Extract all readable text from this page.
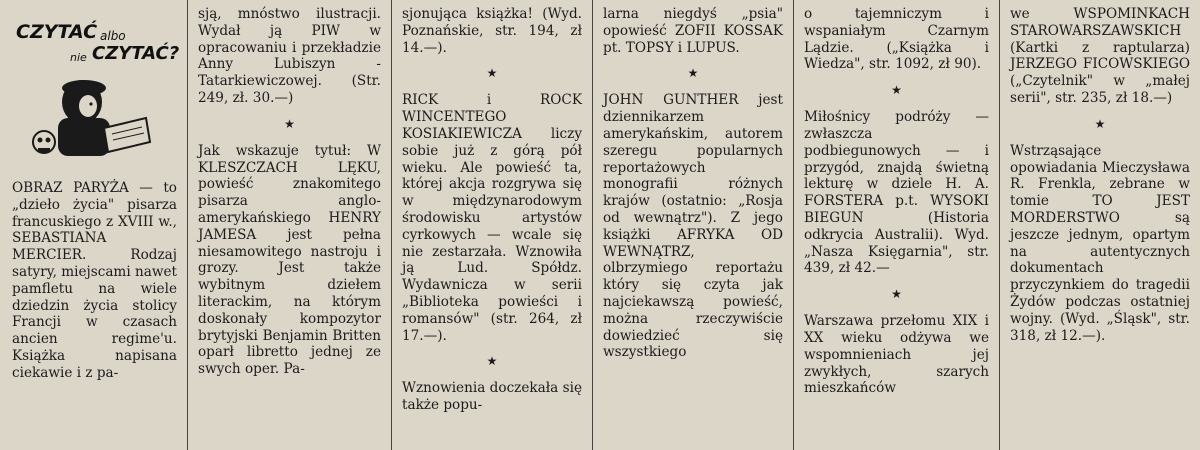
CZYTAĆ albo
nie CZYTAĆ?

OBRAZ PARYŻA — to „dzieło życia" pisarza francuskiego z XVIII w., SEBASTIANA MERCIER. Rodzaj satyry, miejscami nawet pamfletu na wiele dziedzin życia stolicy Francji w czasach ancien regime'u. Książka napisana ciekawie i z pa-

sją, mnóstwo ilustracji. Wydał ją PIW w opracowaniu i przekładzie Anny Lubiszyn - Tatarkiewiczowej. (Str. 249, zł. 30.—)

★

Jak wskazuje tytuł: W KLESZCZACH LĘKU, powieść znakomitego pisarza anglo-amerykańskiego HENRY JAMESA jest pełna niesamowitego nastroju i grozy. Jest także wybitnym dziełem literackim, na którym doskonały kompozytor brytyjski Benjamin Britten oparł libretto jednej ze swych oper. Pa-

sjonująca książka! (Wyd. Poznańskie, str. 194, zł 14.—).

★

RICK i ROCK WINCENTEGO KOSIAKIEWICZA liczy sobie już z górą pół wieku. Ale powieść ta, której akcja rozgrywa się w międzynarodowym środowisku artystów cyrkowych — wcale się nie zestarzała. Wznowiła ją Lud. Spółdz. Wydawnicza w serii „Biblioteka powieści i romansów" (str. 264, zł 17.—).

★

Wznowienia doczekała się także popu-

larna niegdyś „psia" opowieść ZOFII KOSSAK pt. TOPSY i LUPUS.

★

JOHN GUNTHER jest dziennikarzem amerykańskim, autorem szeregu popularnych reportażowych monografii różnych krajów (ostatnio: „Rosja od wewnątrz"). Z jego książki AFRYKA OD WEWNĄTRZ, olbrzymiego reportażu który się czyta jak najciekawszą powieść, można rzeczywiście dowiedzieć się wszystkiego

o tajemniczym i wspaniałym Czarnym Lądzie. („Książka i Wiedza", str. 1092, zł 90).

★

Miłośnicy podróży — zwłaszcza podbiegunowych — i przygód, znajdą świetną lekturę w dziele H. A. FORSTERA p.t. WYSOKI BIEGUN (Historia odkrycia Australii). Wyd. „Nasza Księgarnia", str. 439, zł 42.—

★

Warszawa przełomu XIX i XX wieku odżywa we wspomnieniach jej zwykłych, szarych mieszkańców

we WSPOMINKACH STAROWARSZAWSKICH (Kartki z raptularza) JERZEGO FICOWSKIEGO („Czytelnik" w „małej serii", str. 235, zł 18.—)

★

Wstrząsające opowiadania Mieczysława R. Frenkla, zebrane w tomie TO JEST MORDERSTWO są jeszcze jednym, opartym na autentycznych dokumentach przyczynkiem do tragedii Żydów podczas ostatniej wojny. (Wyd. „Śląsk", str. 318, zł 12.—).
